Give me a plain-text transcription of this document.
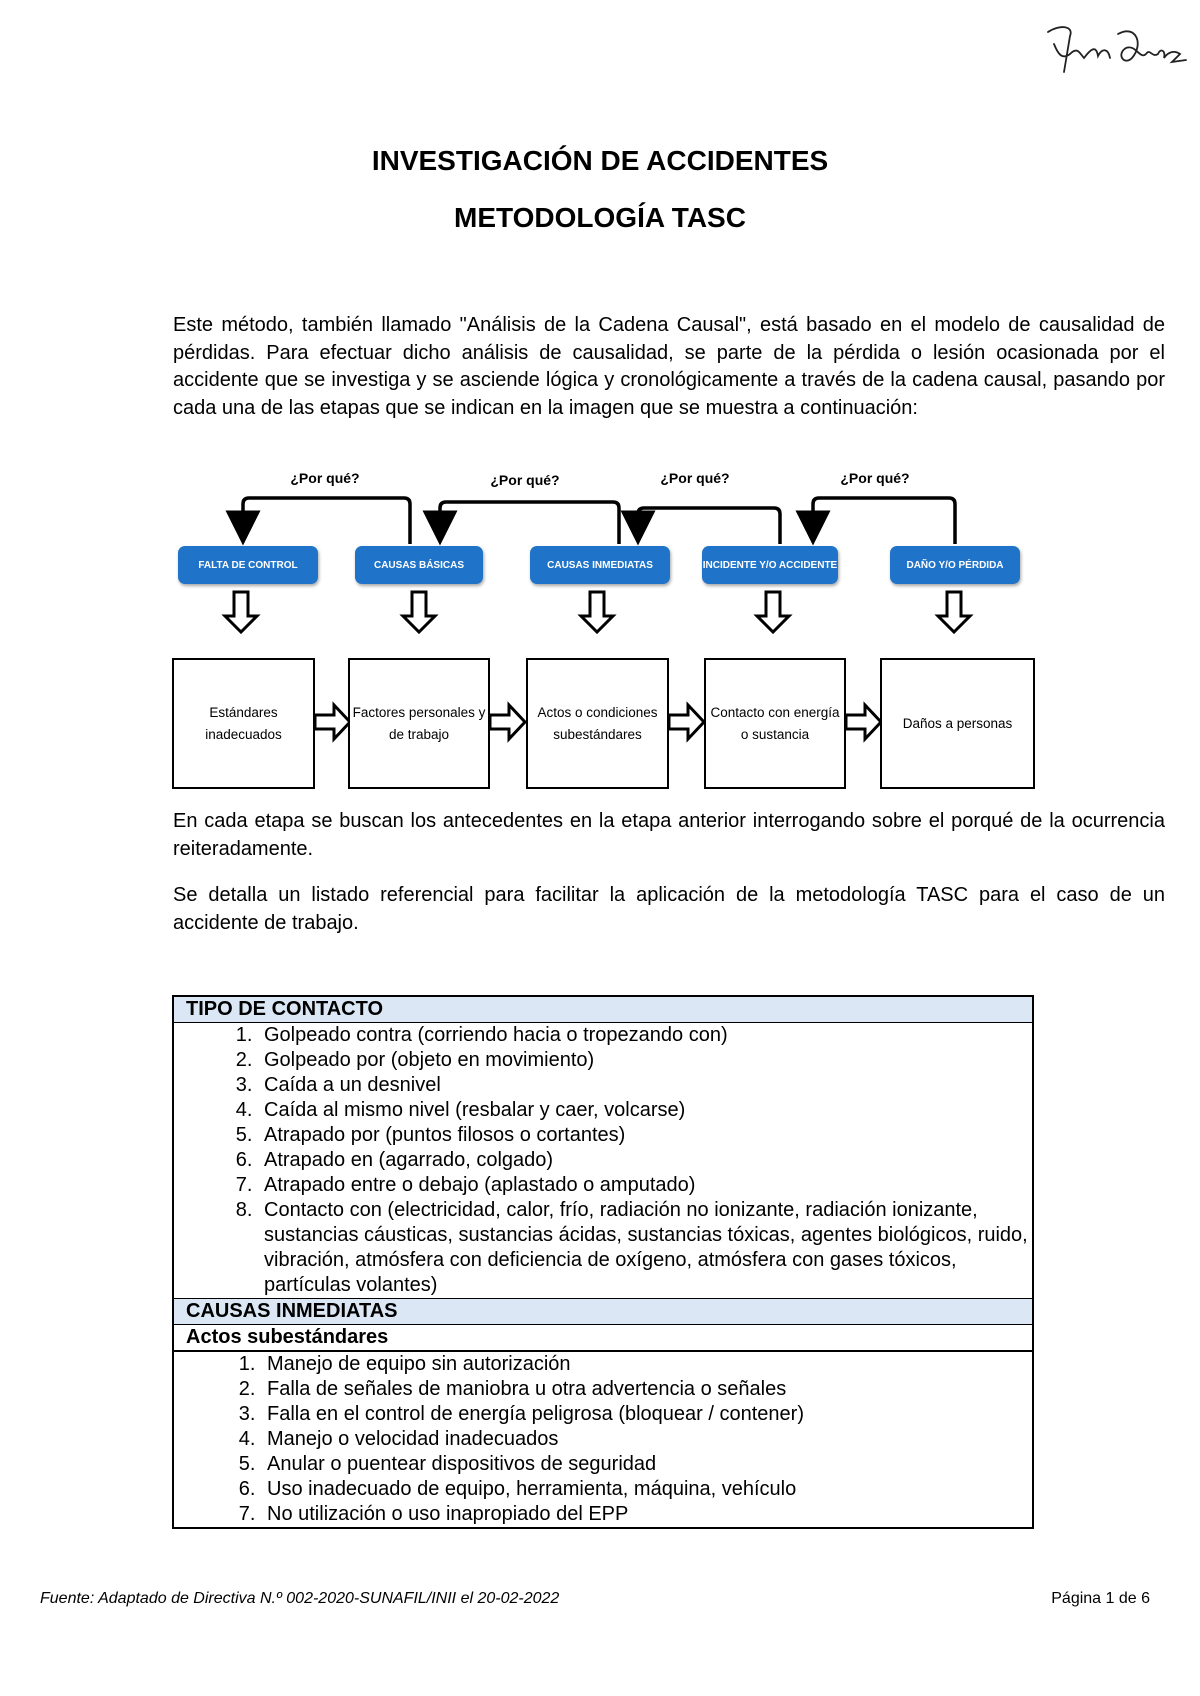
INVESTIGACIÓN DE ACCIDENTES
METODOLOGÍA TASC
Este método, también llamado "Análisis de la Cadena Causal", está basado en el modelo de causalidad de pérdidas. Para efectuar dicho análisis de causalidad, se parte de la pérdida o lesión ocasionada por el accidente que se investiga y se asciende lógica y cronológicamente a través de la cadena causal, pasando por cada una de las etapas que se indican en la imagen que se muestra a continuación:
¿Por qué?	¿Por qué?	¿Por qué?	¿Por qué?
FALTA DE CONTROL	CAUSAS BÁSICAS	CAUSAS INMEDIATAS	INCIDENTE Y/O ACCIDENTE	DAÑO Y/O PÉRDIDA
Estándares inadecuados
Factores personales y de trabajo
Actos o condiciones subestándares
Contacto con energía o sustancia
Daños a personas
En cada etapa se buscan los antecedentes en la etapa anterior interrogando sobre el porqué de la ocurrencia reiteradamente.
Se detalla un listado referencial para facilitar la aplicación de la metodología TASC para el caso de un accidente de trabajo.
TIPO DE CONTACTO
1. Golpeado contra (corriendo hacia o tropezando con)
2. Golpeado por (objeto en movimiento)
3. Caída a un desnivel
4. Caída al mismo nivel (resbalar y caer, volcarse)
5. Atrapado por (puntos filosos o cortantes)
6. Atrapado en (agarrado, colgado)
7. Atrapado entre o debajo (aplastado o amputado)
8. Contacto con (electricidad, calor, frío, radiación no ionizante, radiación ionizante, sustancias cáusticas, sustancias ácidas, sustancias tóxicas, agentes biológicos, ruido, vibración, atmósfera con deficiencia de oxígeno, atmósfera con gases tóxicos, partículas volantes)
CAUSAS INMEDIATAS
Actos subestándares
1. Manejo de equipo sin autorización
2. Falla de señales de maniobra u otra advertencia o señales
3. Falla en el control de energía peligrosa (bloquear / contener)
4. Manejo o velocidad inadecuados
5. Anular o puentear dispositivos de seguridad
6. Uso inadecuado de equipo, herramienta, máquina, vehículo
7. No utilización o uso inapropiado del EPP
Fuente: Adaptado de Directiva N.º 002-2020-SUNAFIL/INII el 20-02-2022	Página 1 de 6
